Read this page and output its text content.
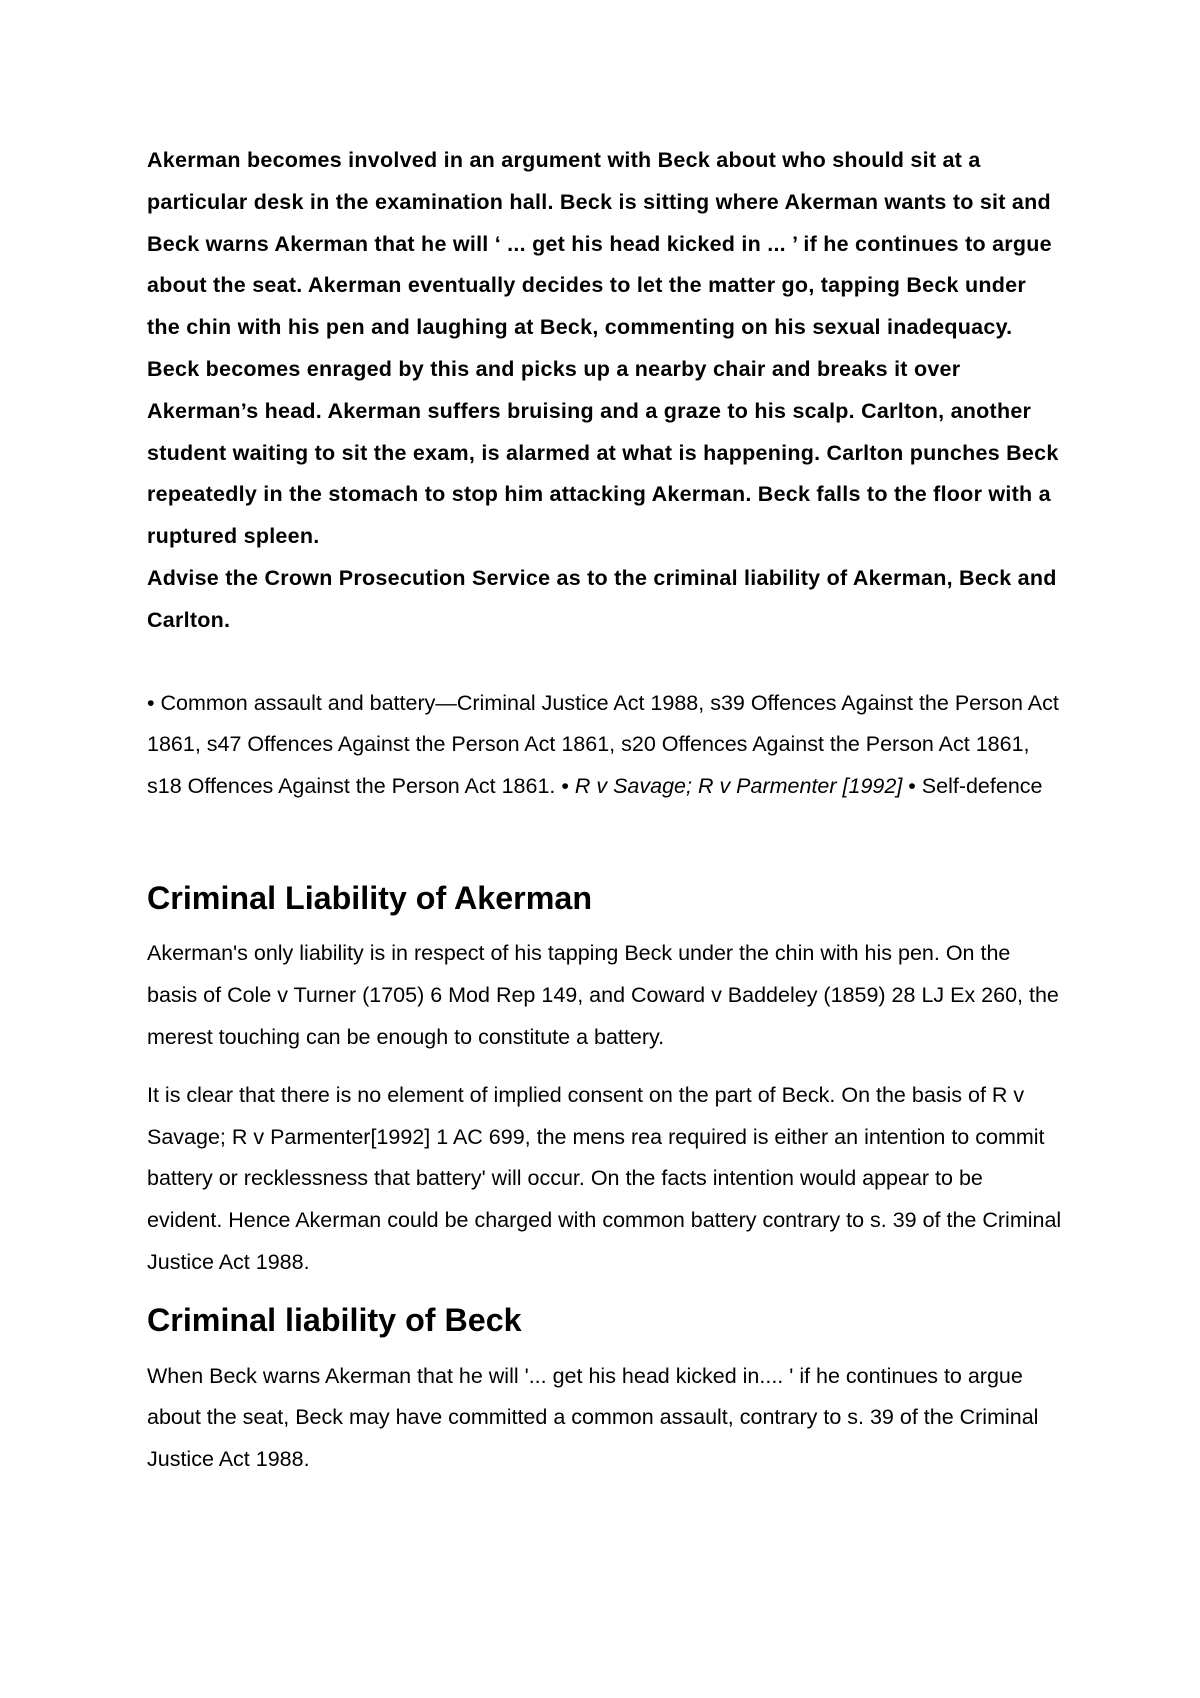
Akerman becomes involved in an argument with Beck about who should sit at a particular desk in the examination hall. Beck is sitting where Akerman wants to sit and Beck warns Akerman that he will ‘ ... get his head kicked in ... ’ if he continues to argue about the seat. Akerman eventually decides to let the matter go, tapping Beck under the chin with his pen and laughing at Beck, commenting on his sexual inadequacy.

Beck becomes enraged by this and picks up a nearby chair and breaks it over Akerman’s head. Akerman suffers bruising and a graze to his scalp. Carlton, another student waiting to sit the exam, is alarmed at what is happening. Carlton punches Beck repeatedly in the stomach to stop him attacking Akerman. Beck falls to the floor with a ruptured spleen.

Advise the Crown Prosecution Service as to the criminal liability of Akerman, Beck and Carlton.

• Common assault and battery—Criminal Justice Act 1988, s39 Offences Against the Person Act 1861, s47 Offences Against the Person Act 1861, s20 Offences Against the Person Act 1861, s18 Offences Against the Person Act 1861. • R v Savage; R v Parmenter [1992] • Self-defence

Criminal Liability of Akerman

Akerman's only liability is in respect of his tapping Beck under the chin with his pen. On the basis of Cole v Turner (1705) 6 Mod Rep 149, and Coward v Baddeley (1859) 28 LJ Ex 260, the merest touching can be enough to constitute a battery.

It is clear that there is no element of implied consent on the part of Beck. On the basis of R v Savage; R v Parmenter[1992] 1 AC 699, the mens rea required is either an intention to commit battery or recklessness that battery' will occur. On the facts intention would appear to be evident. Hence Akerman could be charged with common battery contrary to s. 39 of the Criminal Justice Act 1988.

Criminal liability of Beck

When Beck warns Akerman that he will '... get his head kicked in.... ' if he continues to argue about the seat, Beck may have committed a common assault, contrary to s. 39 of the Criminal Justice Act 1988.
